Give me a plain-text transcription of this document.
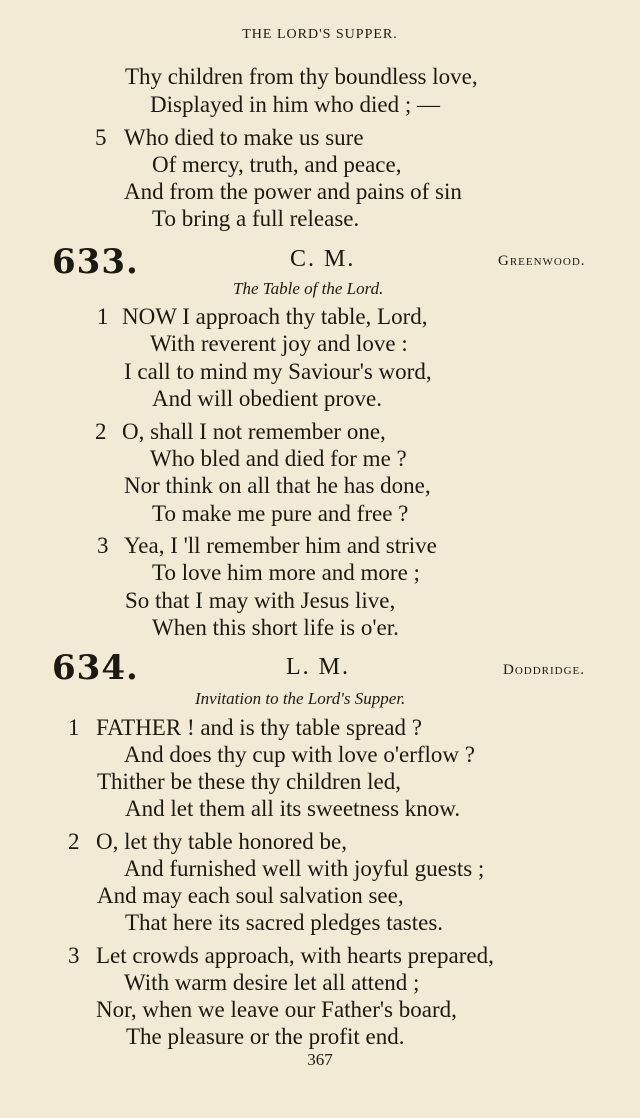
THE LORD'S SUPPER.
Thy children from thy boundless love,
Displayed in him who died ; —
5 Who died to make us sure
Of mercy, truth, and peace,
And from the power and pains of sin
To bring a full release.
633.	C. M.	Greenwood.
The Table of the Lord.
1 NOW I approach thy table, Lord,
With reverent joy and love :
I call to mind my Saviour's word,
And will obedient prove.
2 O, shall I not remember one,
Who bled and died for me ?
Nor think on all that he has done,
To make me pure and free ?
3 Yea, I 'll remember him and strive
To love him more and more ;
So that I may with Jesus live,
When this short life is o'er.
634.	L. M.	Doddridge.
Invitation to the Lord's Supper.
1 FATHER ! and is thy table spread ?
And does thy cup with love o'erflow ?
Thither be these thy children led,
And let them all its sweetness know.
2 O, let thy table honored be,
And furnished well with joyful guests ;
And may each soul salvation see,
That here its sacred pledges tastes.
3 Let crowds approach, with hearts prepared,
With warm desire let all attend ;
Nor, when we leave our Father's board,
The pleasure or the profit end.
367
